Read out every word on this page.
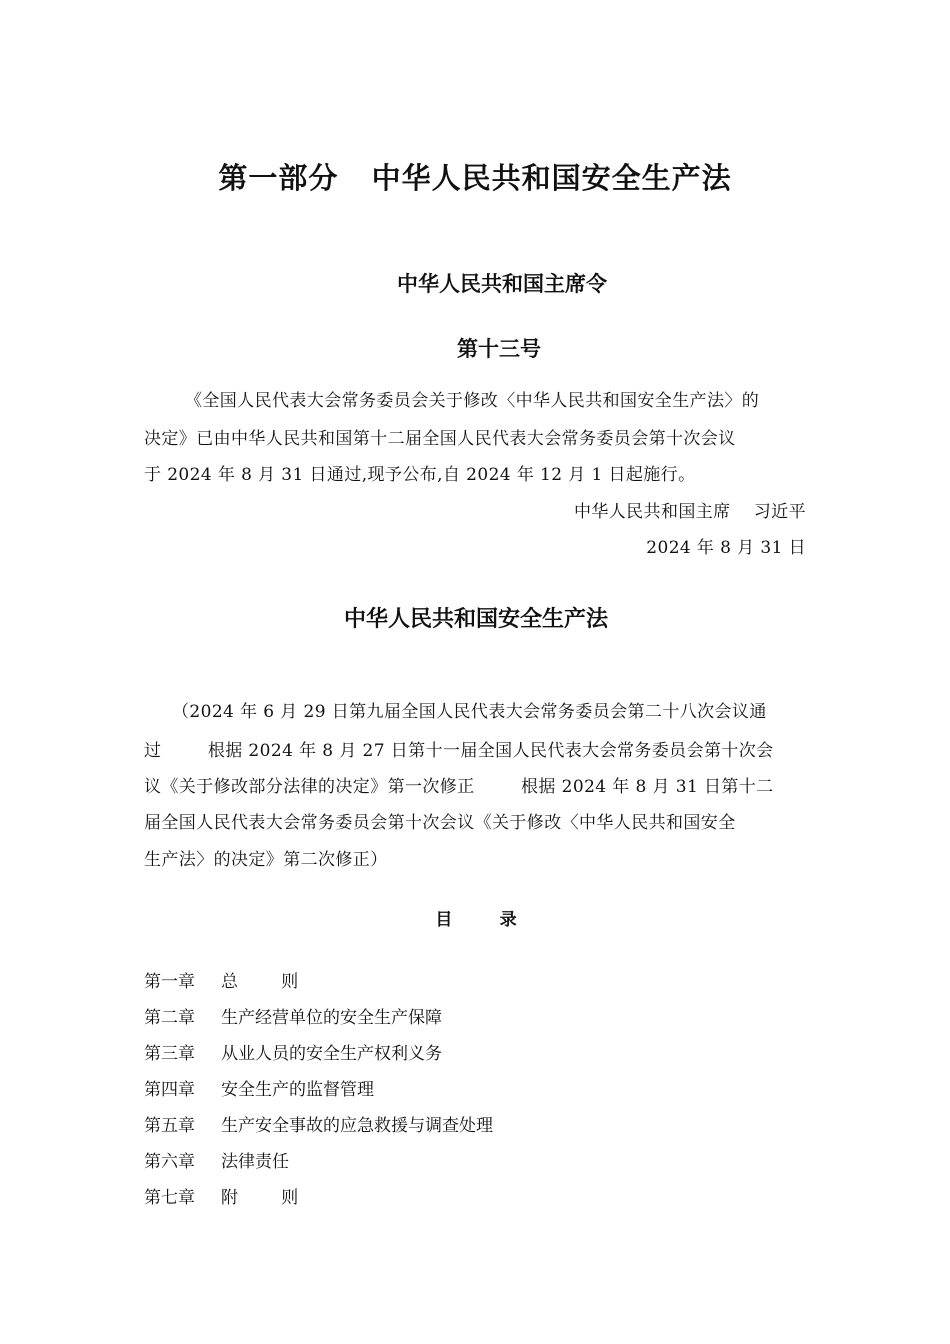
第一部分   中华人民共和国安全生产法
中华人民共和国主席令
第十三号
《全国人民代表大会常务委员会关于修改〈中华人民共和国安全生产法〉的
决定》已由中华人民共和国第十二届全国人民代表大会常务委员会第十次会议
于 2024 年 8 月 31 日通过,现予公布,自 2024 年 12 月 1 日起施行。
中华人民共和国主席    习近平
2024 年 8 月 31 日
中华人民共和国安全生产法
（2024 年 6 月 29 日第九届全国人民代表大会常务委员会第二十八次会议通
过        根据 2024 年 8 月 27 日第十一届全国人民代表大会常务委员会第十次会
议《关于修改部分法律的决定》第一次修正        根据 2024 年 8 月 31 日第十二
届全国人民代表大会常务委员会第十次会议《关于修改〈中华人民共和国安全
生产法〉的决定》第二次修正）
目        录
第一章 总        则
第二章 生产经营单位的安全生产保障
第三章 从业人员的安全生产权利义务
第四章 安全生产的监督管理
第五章 生产安全事故的应急救援与调查处理
第六章 法律责任
第七章 附        则
